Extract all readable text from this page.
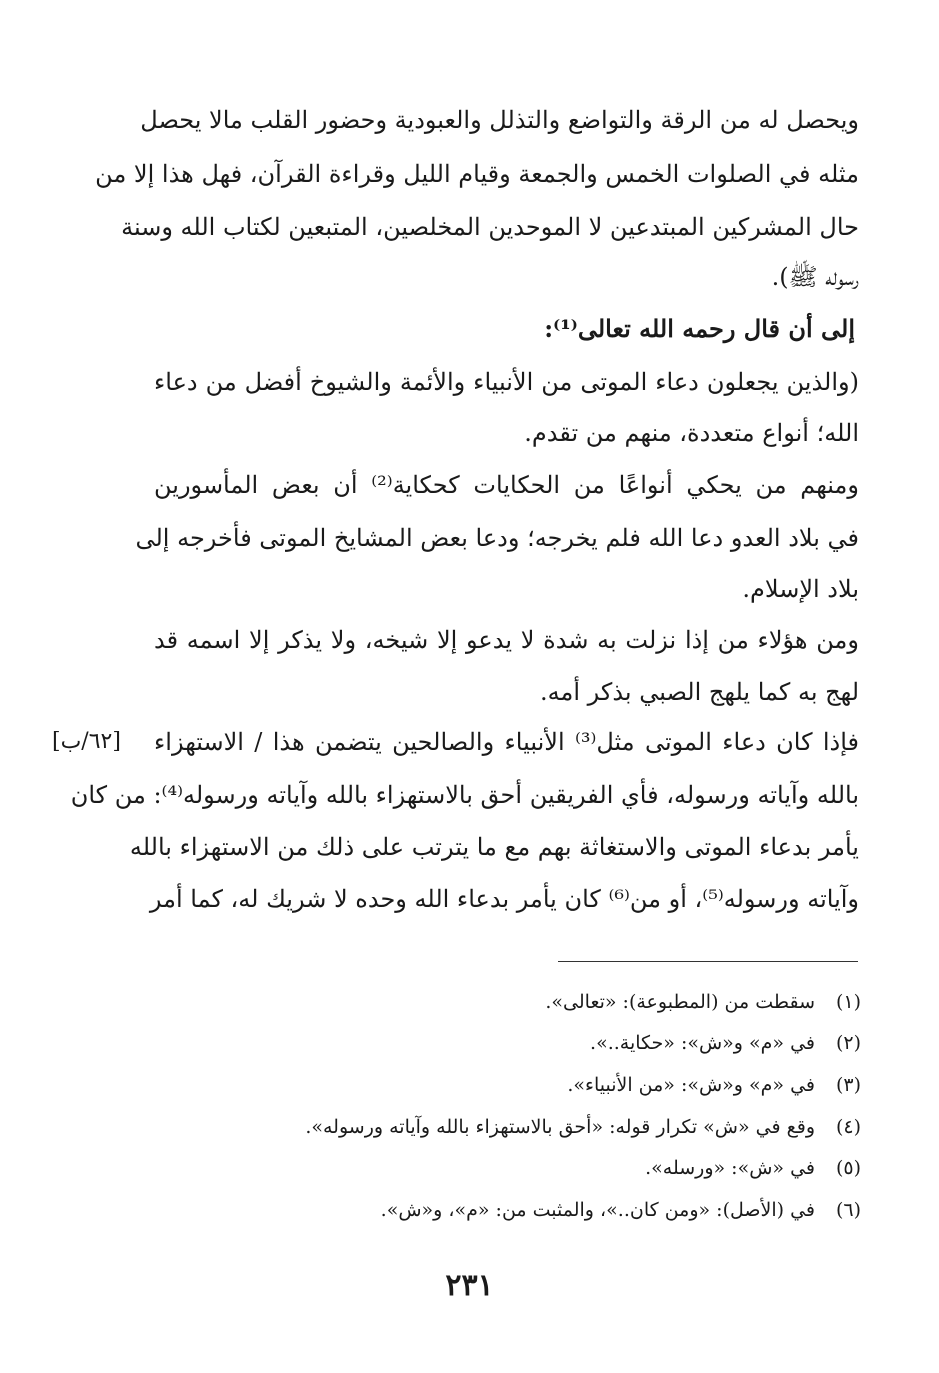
ويحصل له من الرقة والتواضع والتذلل والعبودية وحضور القلب مالا يحصل
مثله في الصلوات الخمس والجمعة وقيام الليل وقراءة القرآن، فهل هذا إلا من
حال المشركين المبتدعين لا الموحدين المخلصين، المتبعين لكتاب الله وسنة
رسوله ﷺ).
إلى أن قال رحمه الله تعالى⁽¹⁾:
(والذين يجعلون دعاء الموتى من الأنبياء والأئمة والشيوخ أفضل من دعاء
الله؛ أنواع متعددة، منهم من تقدم.
ومنهم من يحكي أنواعًا من الحكايات كحكاية⁽²⁾ أن بعض المأسورين
في بلاد العدو دعا الله فلم يخرجه؛ ودعا بعض المشايخ الموتى فأخرجه إلى
بلاد الإسلام.
ومن هؤلاء من إذا نزلت به شدة لا يدعو إلا شيخه، ولا يذكر إلا اسمه قد
لهج به كما يلهج الصبي بذكر أمه.
فإذا كان دعاء الموتى مثل⁽³⁾ الأنبياء والصالحين يتضمن هذا / الاستهزاء
بالله وآياته ورسوله، فأي الفريقين أحق بالاستهزاء بالله وآياته ورسوله⁽⁴⁾: من كان
يأمر بدعاء الموتى والاستغاثة بهم مع ما يترتب على ذلك من الاستهزاء بالله
وآياته ورسوله⁽⁵⁾، أو من⁽⁶⁾ كان يأمر بدعاء الله وحده لا شريك له، كما أمر
[٦٢/ب]
(١)سقطت من (المطبوعة): «تعالى».
(٢)في «م» و«ش»: «حكاية..».
(٣)في «م» و«ش»: «من الأنبياء».
(٤)وقع في «ش» تكرار قوله: «أحق بالاستهزاء بالله وآياته ورسوله».
(٥)في «ش»: «ورسله».
(٦)في (الأصل): «ومن كان..»، والمثبت من: «م»، و«ش».
٢٣١
